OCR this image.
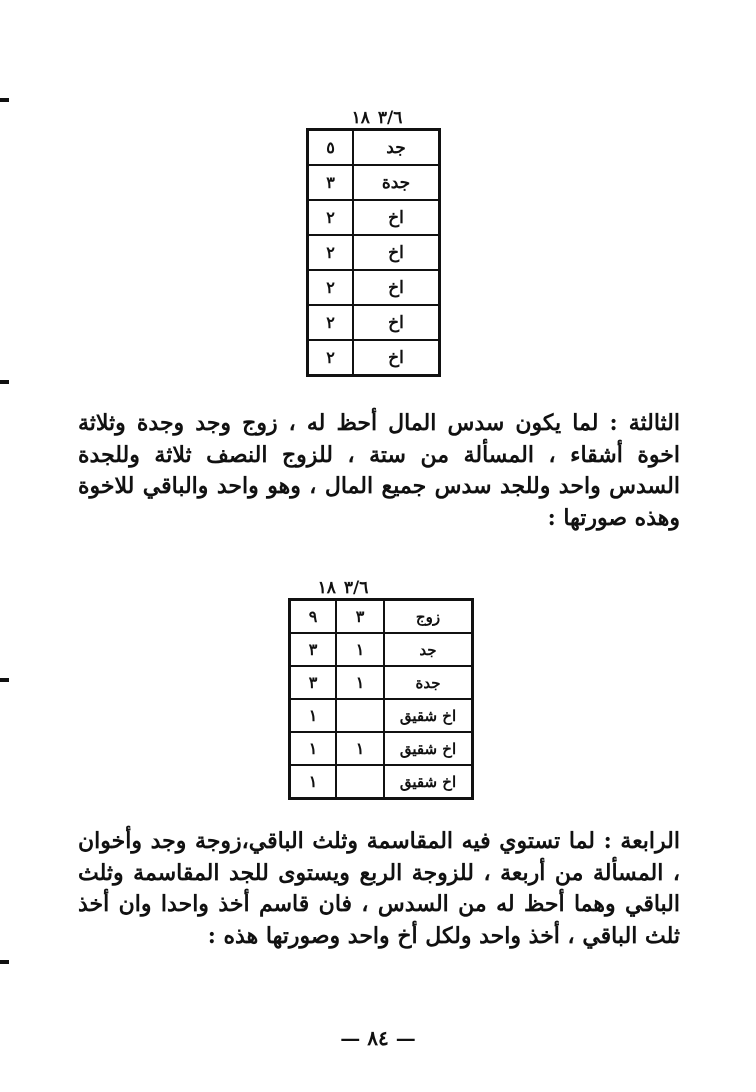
٣/٦١٨
جد	٥
جدة	٣
اخ	٢
اخ	٢
اخ	٢
اخ	٢
اخ	٢

الثالثة : لما يكون سدس المال أحظ له ، زوج وجد وجدة وثلاثة اخوة أشقاء ، المسألة من ستة ، للزوج النصف ثلاثة وللجدة السدس واحد وللجد سدس جميع المال ، وهو واحد والباقي للاخوة وهذه صورتها :

٣/٦١٨
زوج	٣	٩
جد	١	٣
جدة	١	٣
اخ شقيق		١
اخ شقيق	١	١
اخ شقيق		١

الرابعة : لما تستوي فيه المقاسمة وثلث الباقي،زوجة وجد وأخوان ، المسألة من أربعة ، للزوجة الربع ويستوى للجد المقاسمة وثلث الباقي وهما أحظ له من السدس ، فان قاسم أخذ واحدا وان أخذ ثلث الباقي ، أخذ واحد ولكل أخ واحد وصورتها هذه :

— ٨٤ —
